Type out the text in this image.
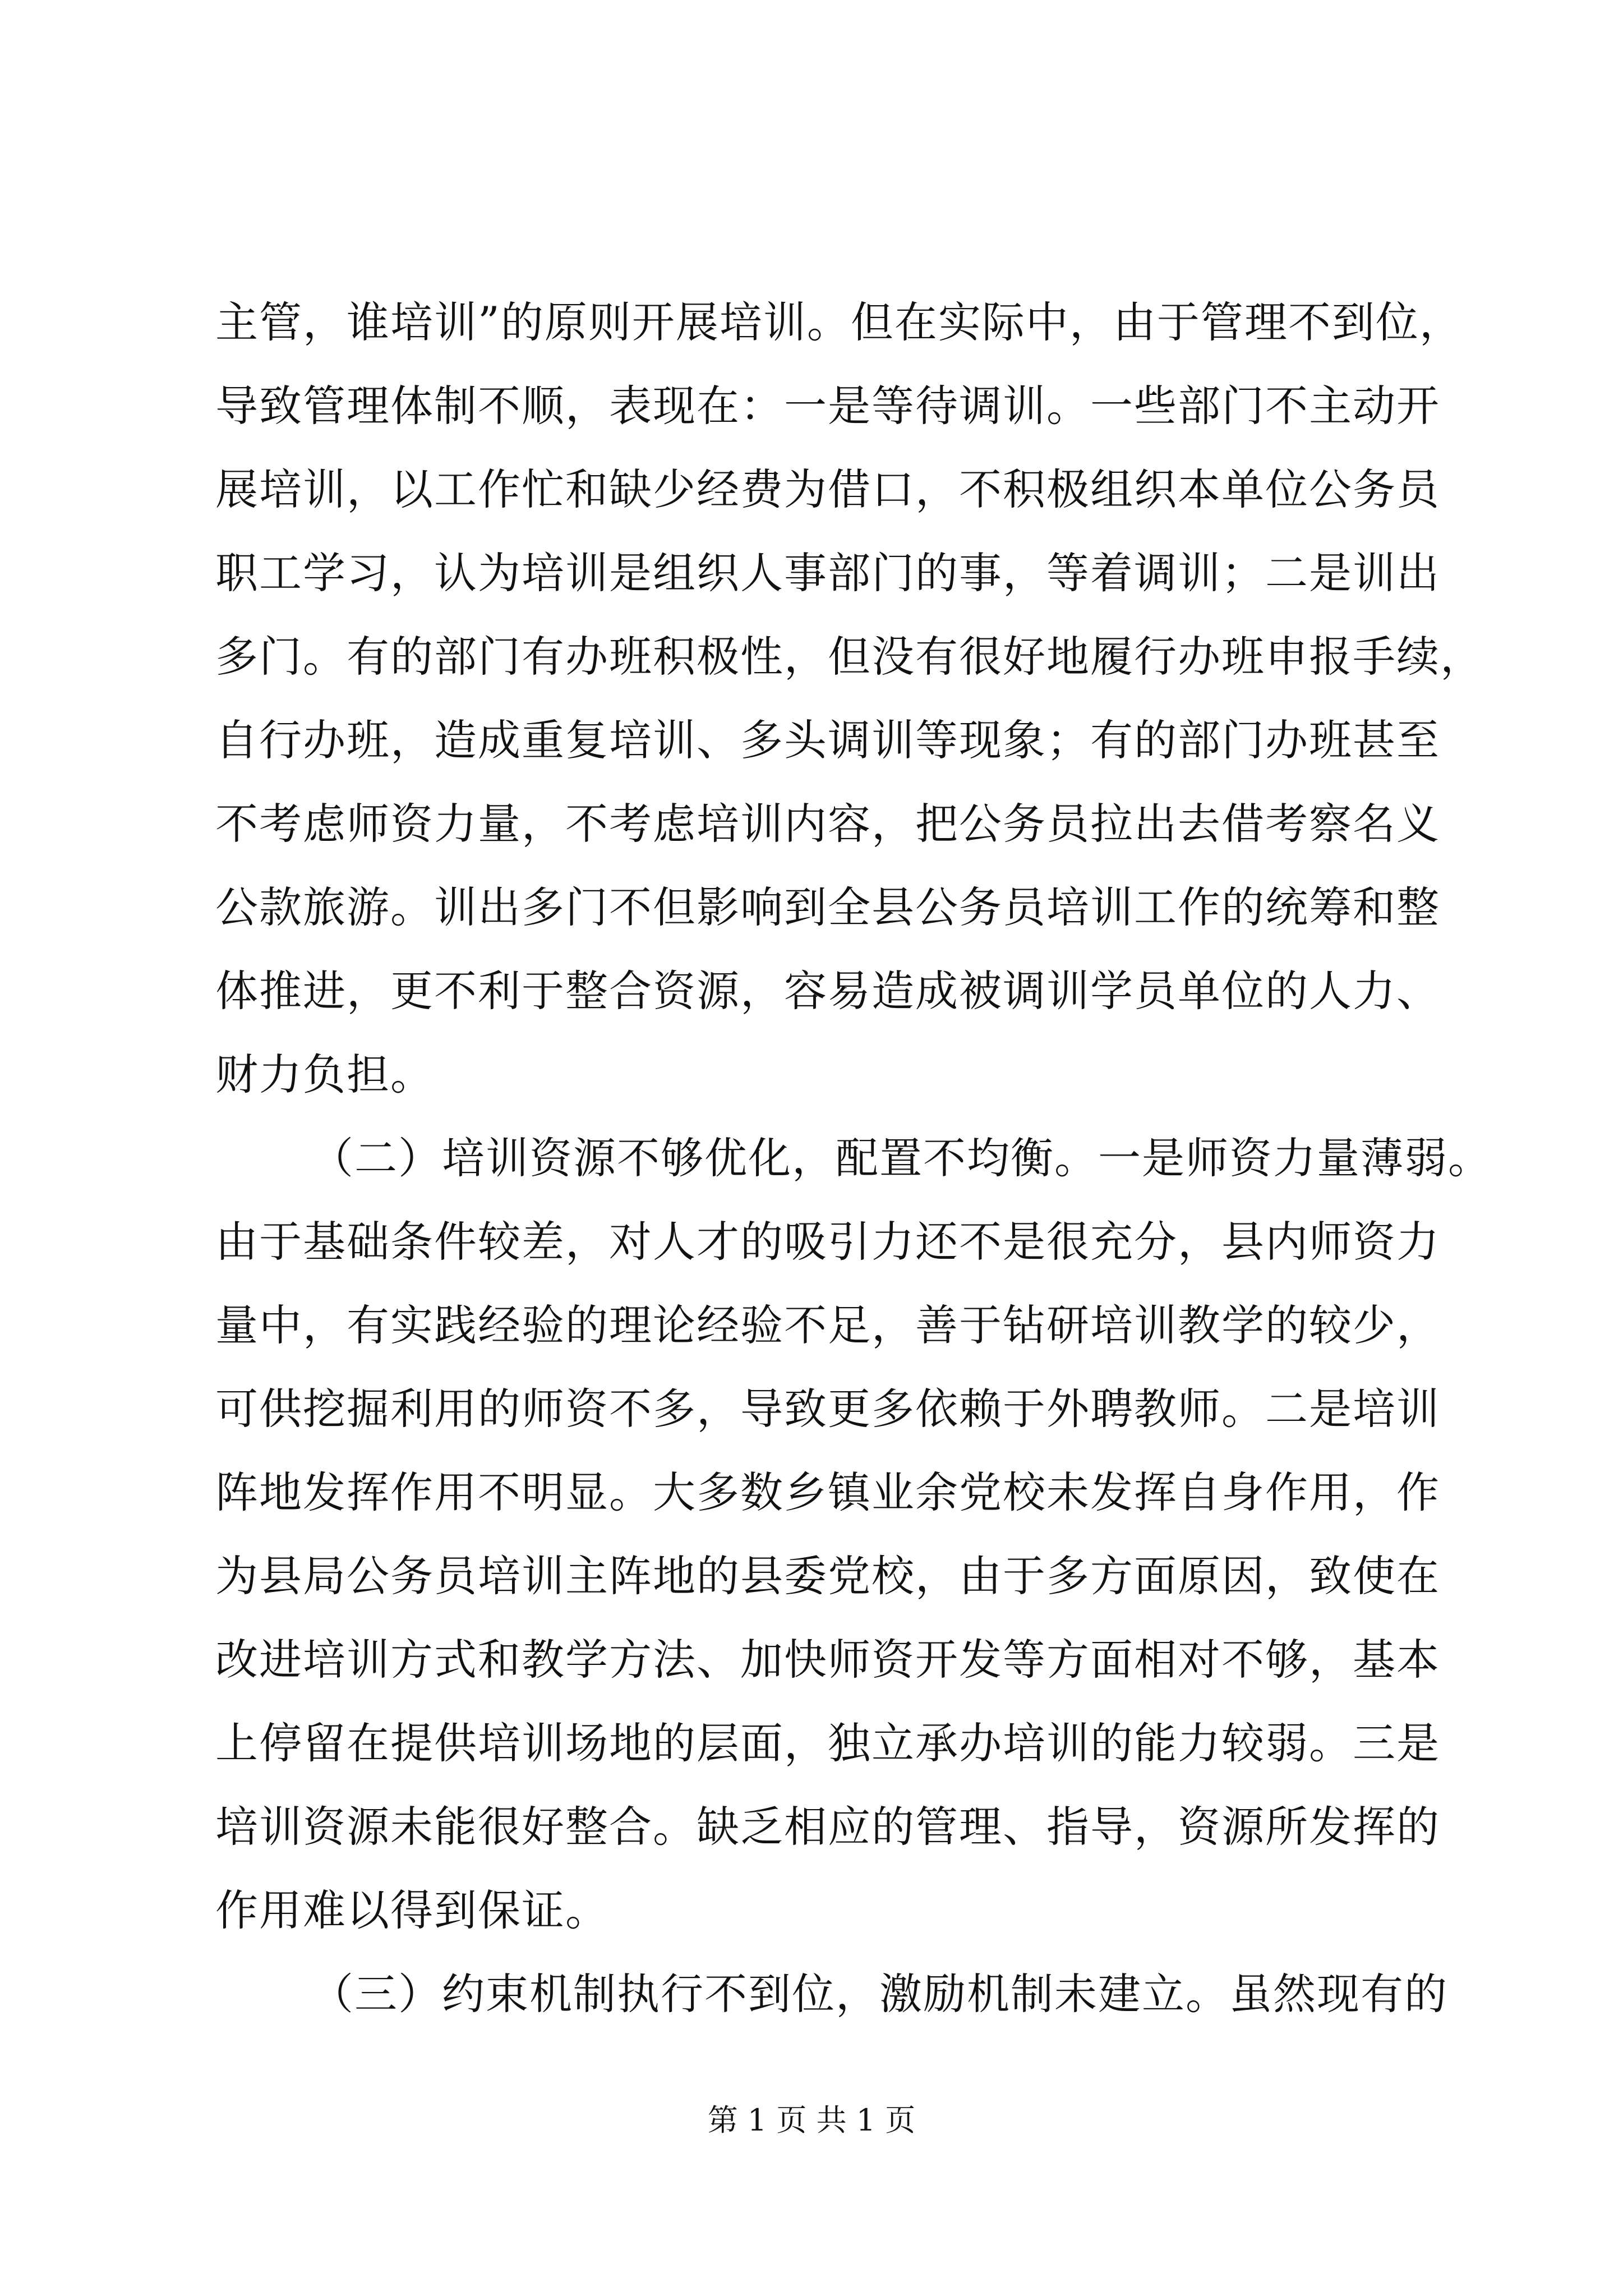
主管，谁培训”的原则开展培训。但在实际中，由于管理不到位，
导致管理体制不顺，表现在：一是等待调训。一些部门不主动开
展培训，以工作忙和缺少经费为借口，不积极组织本单位公务员
职工学习，认为培训是组织人事部门的事，等着调训；二是训出
多门。有的部门有办班积极性，但没有很好地履行办班申报手续，
自行办班，造成重复培训、多头调训等现象；有的部门办班甚至
不考虑师资力量，不考虑培训内容，把公务员拉出去借考察名义
公款旅游。训出多门不但影响到全县公务员培训工作的统筹和整
体推进，更不利于整合资源，容易造成被调训学员单位的人力、
财力负担。
（二）培训资源不够优化，配置不均衡。一是师资力量薄弱。
由于基础条件较差，对人才的吸引力还不是很充分，县内师资力
量中，有实践经验的理论经验不足，善于钻研培训教学的较少，
可供挖掘利用的师资不多，导致更多依赖于外聘教师。二是培训
阵地发挥作用不明显。大多数乡镇业余党校未发挥自身作用，作
为县局公务员培训主阵地的县委党校，由于多方面原因，致使在
改进培训方式和教学方法、加快师资开发等方面相对不够，基本
上停留在提供培训场地的层面，独立承办培训的能力较弱。三是
培训资源未能很好整合。缺乏相应的管理、指导，资源所发挥的
作用难以得到保证。
（三）约束机制执行不到位，激励机制未建立。虽然现有的
第 1 页 共 1 页
